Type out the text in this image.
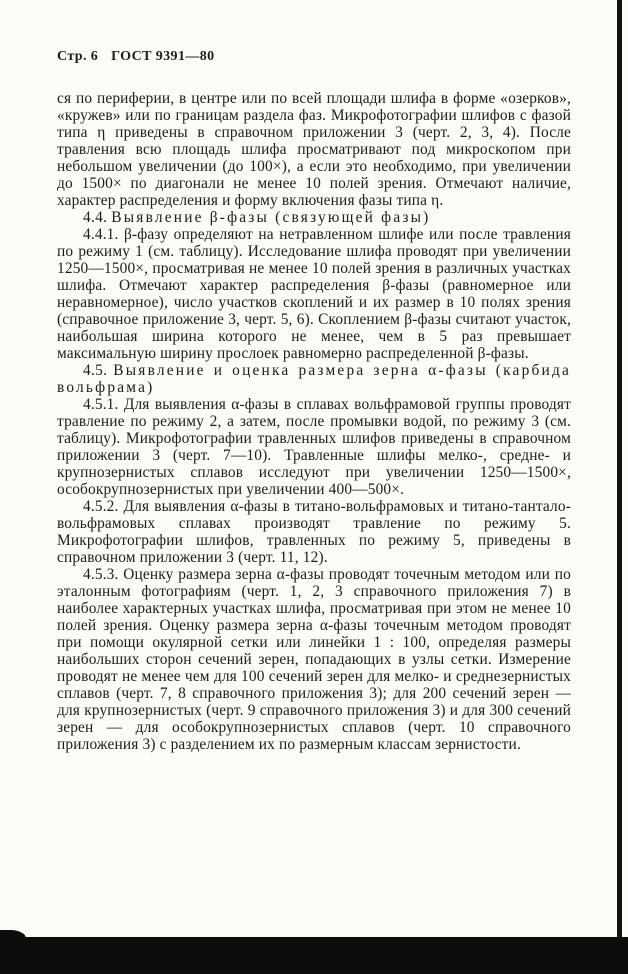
Стр. 6 ГОСТ 9391—80

ся по периферии, в центре или по всей площади шлифа в форме «озерков», «кружев» или по границам раздела фаз. Микрофотографии шлифов с фазой типа η приведены в справочном приложении 3 (черт. 2, 3, 4). После травления всю площадь шлифа просматривают под микроскопом при небольшом увеличении (до 100×), а если это необходимо, при увеличении до 1500× по диагонали не менее 10 полей зрения. Отмечают наличие, характер распределения и форму включения фазы типа η.

4.4. Выявление β-фазы (связующей фазы)

4.4.1. β-фазу определяют на нетравленном шлифе или после травления по режиму 1 (см. таблицу). Исследование шлифа проводят при увеличении 1250—1500×, просматривая не менее 10 полей зрения в различных участках шлифа. Отмечают характер распределения β-фазы (равномерное или неравномерное), число участков скоплений и их размер в 10 полях зрения (справочное приложение 3, черт. 5, 6). Скоплением β-фазы считают участок, наибольшая ширина которого не менее, чем в 5 раз превышает максимальную ширину прослоек равномерно распределенной β-фазы.

4.5. Выявление и оценка размера зерна α-фазы (карбида вольфрама)

4.5.1. Для выявления α-фазы в сплавах вольфрамовой группы проводят травление по режиму 2, а затем, после промывки водой, по режиму 3 (см. таблицу). Микрофотографии травленных шлифов приведены в справочном приложении 3 (черт. 7—10). Травленные шлифы мелко-, средне- и крупнозернистых сплавов исследуют при увеличении 1250—1500×, особокрупнозернистых при увеличении 400—500×.

4.5.2. Для выявления α-фазы в титано-вольфрамовых и титано-тантало-вольфрамовых сплавах производят травление по режиму 5. Микрофотографии шлифов, травленных по режиму 5, приведены в справочном приложении 3 (черт. 11, 12).

4.5.3. Оценку размера зерна α-фазы проводят точечным методом или по эталонным фотографиям (черт. 1, 2, 3 справочного приложения 7) в наиболее характерных участках шлифа, просматривая при этом не менее 10 полей зрения. Оценку размера зерна α-фазы точечным методом проводят при помощи окулярной сетки или линейки 1 : 100, определяя размеры наибольших сторон сечений зерен, попадающих в узлы сетки. Измерение проводят не менее чем для 100 сечений зерен для мелко- и среднезернистых сплавов (черт. 7, 8 справочного приложения 3); для 200 сечений зерен — для крупнозернистых (черт. 9 справочного приложения 3) и для 300 сечений зерен — для особокрупнозернистых сплавов (черт. 10 справочного приложения 3) с разделением их по размерным классам зернистости.
